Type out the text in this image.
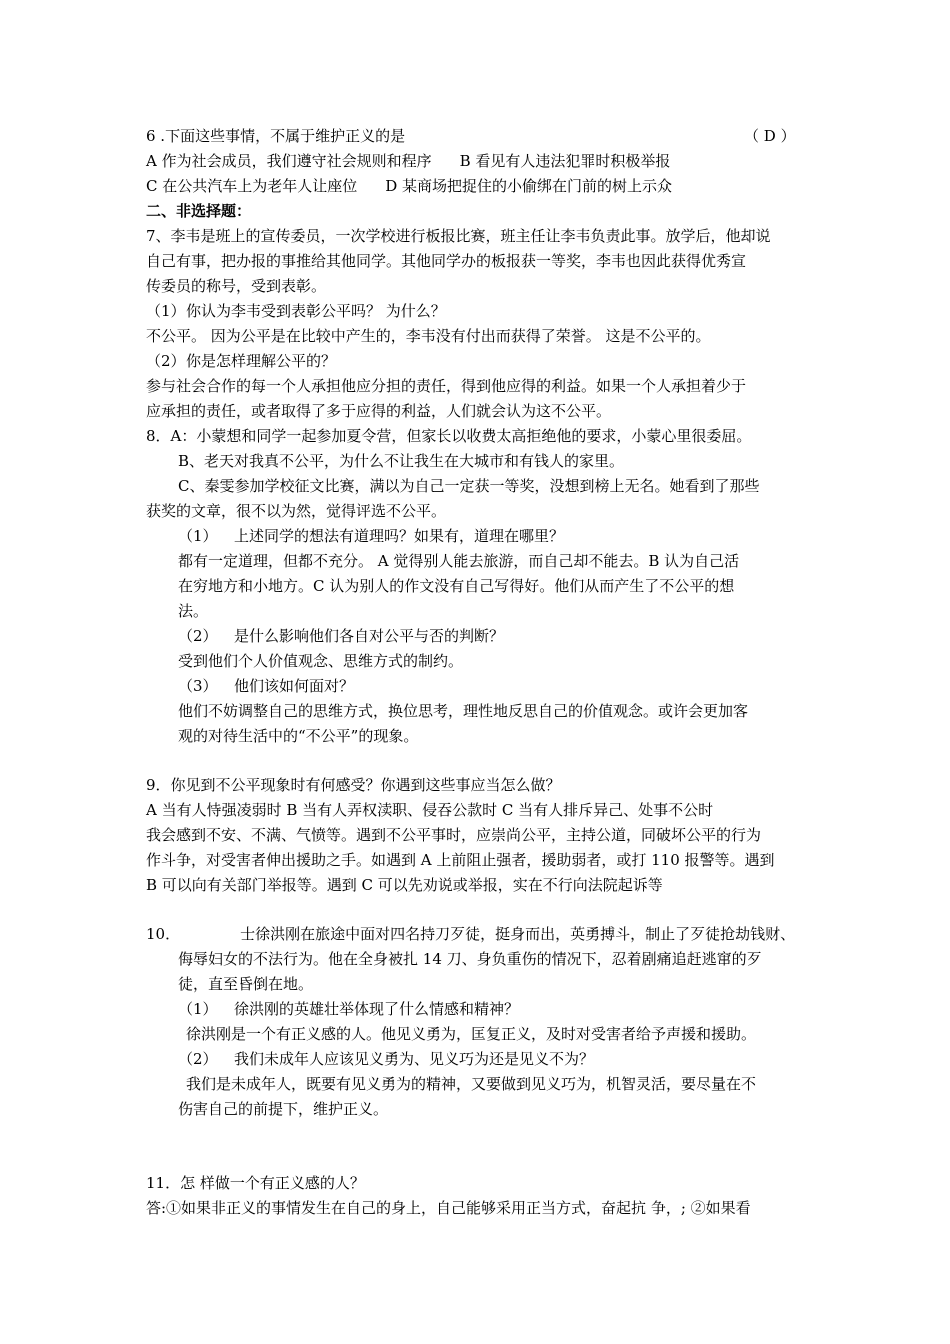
6 .下面这些事情，不属于维护正义的是	（ D ）
A 作为社会成员，我们遵守社会规则和程序 B 看见有人违法犯罪时积极举报
C 在公共汽车上为老年人让座位 D 某商场把捉住的小偷绑在门前的树上示众
二、非选择题：
7、李韦是班上的宣传委员，一次学校进行板报比赛，班主任让李韦负责此事。放学后，他却说
自己有事，把办报的事推给其他同学。其他同学办的板报获一等奖，李韦也因此获得优秀宣
传委员的称号，受到表彰。
（1）你认为李韦受到表彰公平吗？ 为什么？
不公平。 因为公平是在比较中产生的，李韦没有付出而获得了荣誉。 这是不公平的。
（2）你是怎样理解公平的？
参与社会合作的每一个人承担他应分担的责任，得到他应得的利益。如果一个人承担着少于
应承担的责任，或者取得了多于应得的利益，人们就会认为这不公平。
8．A：小蒙想和同学一起参加夏令营，但家长以收费太高拒绝他的要求，小蒙心里很委屈。
B、老天对我真不公平，为什么不让我生在大城市和有钱人的家里。
C、秦雯参加学校征文比赛，满以为自己一定获一等奖，没想到榜上无名。她看到了那些
获奖的文章，很不以为然，觉得评选不公平。
（1） 上述同学的想法有道理吗？如果有，道理在哪里？
都有一定道理，但都不充分。 A 觉得别人能去旅游，而自己却不能去。B 认为自己活
在穷地方和小地方。C 认为别人的作文没有自己写得好。他们从而产生了不公平的想
法。
（2） 是什么影响他们各自对公平与否的判断？
受到他们个人价值观念、思维方式的制约。
（3） 他们该如何面对？
他们不妨调整自己的思维方式，换位思考，理性地反思自己的价值观念。或许会更加客
观的对待生活中的“不公平”的现象。
9．你见到不公平现象时有何感受？你遇到这些事应当怎么做？
A 当有人恃强凌弱时 B 当有人弄权渎职、侵吞公款时 C 当有人排斥异己、处事不公时
我会感到不安、不满、气愤等。遇到不公平事时，应崇尚公平，主持公道，同破坏公平的行为
作斗争，对受害者伸出援助之手。如遇到 A 上前阻止强者，援助弱者，或打 110 报警等。遇到
B 可以向有关部门举报等。遇到 C 可以先劝说或举报，实在不行向法院起诉等
10．	士徐洪刚在旅途中面对四名持刀歹徒，挺身而出，英勇搏斗，制止了歹徒抢劫钱财、
侮辱妇女的不法行为。他在全身被扎 14 刀、身负重伤的情况下，忍着剧痛追赶逃窜的歹
徒，直至昏倒在地。
（1） 徐洪刚的英雄壮举体现了什么情感和精神？
徐洪刚是一个有正义感的人。他见义勇为，匡复正义，及时对受害者给予声援和援助。
（2） 我们未成年人应该见义勇为、见义巧为还是见义不为？
我们是未成年人，既要有见义勇为的精神，又要做到见义巧为，机智灵活，要尽量在不
伤害自己的前提下，维护正义。
11．怎 样做一个有正义感的人？
答:①如果非正义的事情发生在自己的身上，自己能够采用正当方式，奋起抗 争，; ②如果看
